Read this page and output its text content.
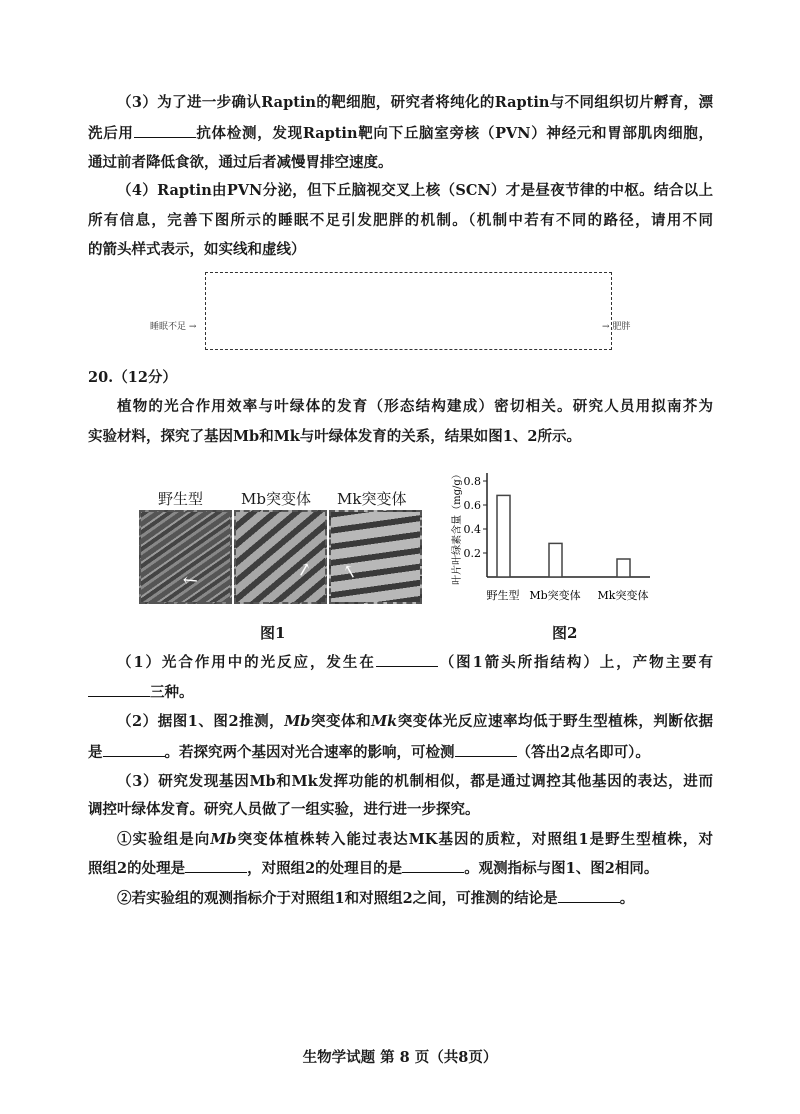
（3）为了进一步确认Raptin的靶细胞，研究者将纯化的Raptin与不同组织切片孵育，漂
洗后用	抗体检测，发现Raptin靶向下丘脑室旁核（PVN）神经元和胃部肌肉细胞，
通过前者降低食欲，通过后者减慢胃排空速度。
（4）Raptin由PVN分泌，但下丘脑视交叉上核（SCN）才是昼夜节律的中枢。结合以上
所有信息，完善下图所示的睡眠不足引发肥胖的机制。（机制中若有不同的路径，请用不同
的箭头样式表示，如实线和虚线）
植物的光合作用效率与叶绿体的发育（形态结构建成）密切相关。研究人员用拟南芥为
实验材料，探究了基因Mb和Mk与叶绿体发育的关系，结果如图1、2所示。
（1）光合作用中的光反应，发生在	（图1箭头所指结构）上，产物主要有
三种。
（2）据图1、图2推测，Mb突变体和Mk突变体光反应速率均低于野生型植株，判断依据
是	。若探究两个基因对光合速率的影响，可检测	（答出2点名即可）。
（3）研究发现基因Mb和Mk发挥功能的机制相似，都是通过调控其他基因的表达，进而
调控叶绿体发育。研究人员做了一组实验，进行进一步探究。
①实验组是向Mb突变体植株转入能过表达MK基因的质粒，对照组1是野生型植株，对
照组2的处理是	，对照组2的处理目的是	。观测指标与图1、图2相同。
②若实验组的观测指标介于对照组1和对照组2之间，可推测的结论是	。
睡眠不足 →	→ 肥胖
20.（12分）
野生型	Mb突变体 Mk突变体
↖	↑ ↑
图1
0.2
0.4
0.6
0.8
叶片叶绿素含量（mg/g）
野生型 Mb突变体 Mk突变体
图2
生物学试题 第 8 页（共8页）
